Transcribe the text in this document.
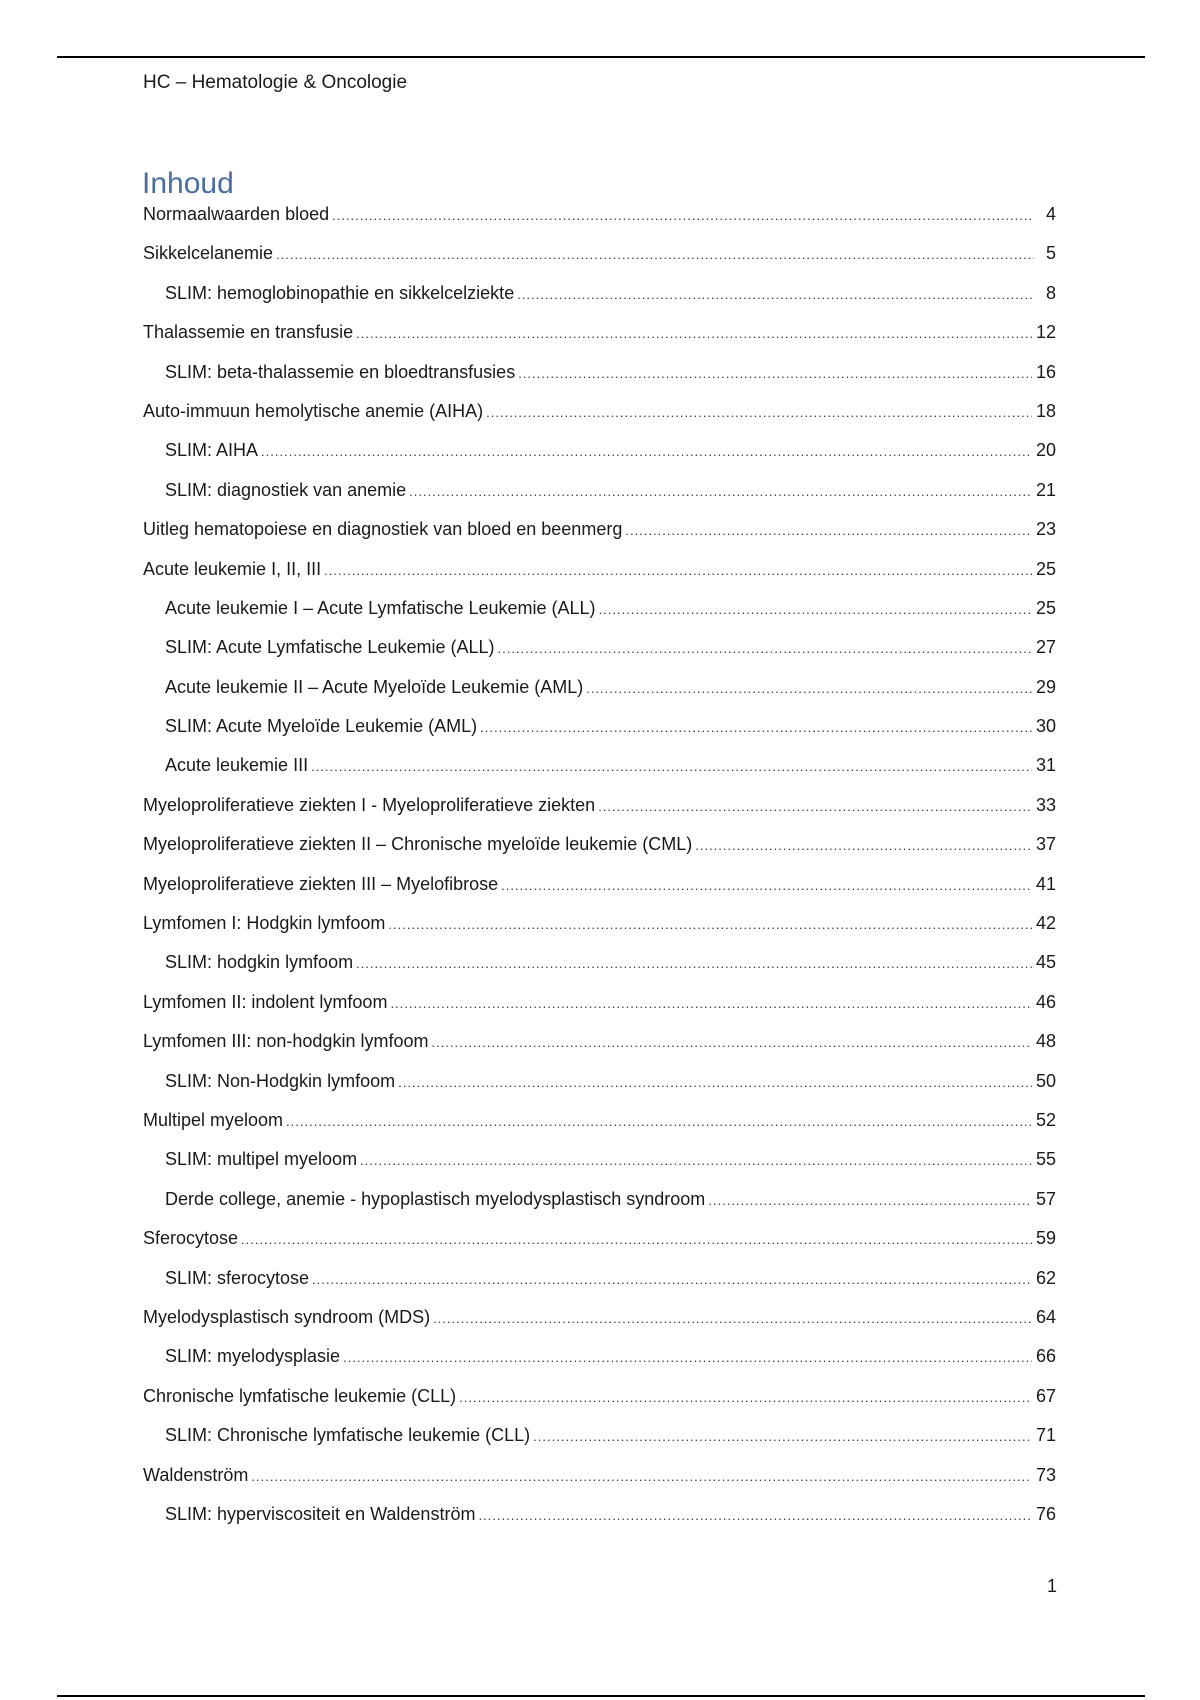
HC – Hematologie & Oncologie
Inhoud
Normaalwaarden bloed .....	4
Sikkelcelanemie .....	5
SLIM: hemoglobinopathie en sikkelcelziekte .....	8
Thalassemie en transfusie .....	12
SLIM: beta-thalassemie en bloedtransfusies .....	16
Auto-immuun hemolytische anemie (AIHA) .....	18
SLIM: AIHA .....	20
SLIM: diagnostiek van anemie .....	21
Uitleg hematopoiese en diagnostiek van bloed en beenmerg .....	23
Acute leukemie I, II, III .....	25
Acute leukemie I – Acute Lymfatische Leukemie (ALL) .....	25
SLIM: Acute Lymfatische Leukemie (ALL) .....	27
Acute leukemie II – Acute Myeloïde Leukemie (AML) .....	29
SLIM: Acute Myeloïde Leukemie (AML) .....	30
Acute leukemie III .....	31
Myeloproliferatieve ziekten I - Myeloproliferatieve ziekten .....	33
Myeloproliferatieve ziekten II – Chronische myeloïde leukemie (CML) .....	37
Myeloproliferatieve ziekten III – Myelofibrose .....	41
Lymfomen I: Hodgkin lymfoom .....	42
SLIM: hodgkin lymfoom .....	45
Lymfomen II: indolent lymfoom .....	46
Lymfomen III: non-hodgkin lymfoom .....	48
SLIM: Non-Hodgkin lymfoom .....	50
Multipel myeloom .....	52
SLIM: multipel myeloom .....	55
Derde college, anemie - hypoplastisch myelodysplastisch syndroom .....	57
Sferocytose .....	59
SLIM: sferocytose .....	62
Myelodysplastisch syndroom (MDS) .....	64
SLIM: myelodysplasie .....	66
Chronische lymfatische leukemie (CLL) .....	67
SLIM: Chronische lymfatische leukemie (CLL) .....	71
Waldenström .....	73
SLIM: hyperviscositeit en Waldenström .....	76
1
